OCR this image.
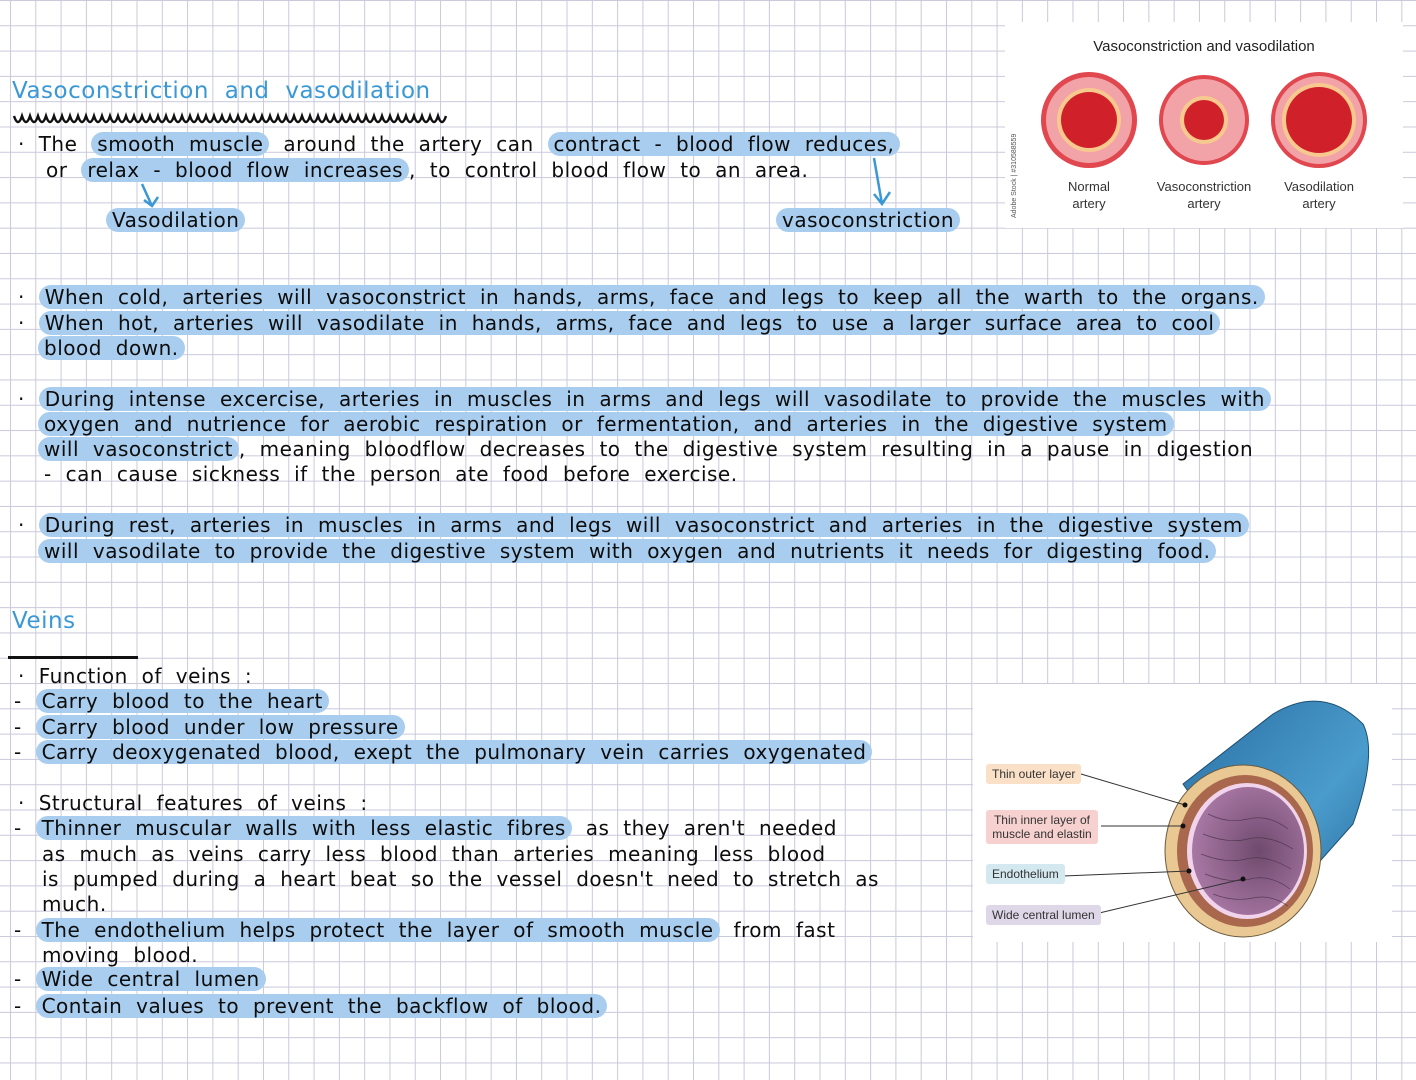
Vasoconstriction and vasodilation
· The smooth muscle around the artery can contract - blood flow reduces,
or relax - blood flow increases , to control blood flow to an area.
Vasodilation	vasoconstriction
Vasoconstriction and vasodilation
Adobe Stock | #310588559	Normal
artery
Vasoconstriction
artery
Vasodilation
artery
· When cold, arteries will vasoconstrict in hands, arms, face and legs to keep all the warth to the organs.
· When hot, arteries will vasodilate in hands, arms, face and legs to use a larger surface area to cool
blood down.
· During intense excercise, arteries in muscles in arms and legs will vasodilate to provide the muscles with
oxygen and nutrience for aerobic respiration or fermentation, and arteries in the digestive system
will vasoconstrict , meaning bloodflow decreases to the digestive system resulting in a pause in digestion
- can cause sickness if the person ate food before exercise.
· During rest, arteries in muscles in arms and legs will vasoconstrict and arteries in the digestive system
will vasodilate to provide the digestive system with oxygen and nutrients it needs for digesting food.
Veins
· Function of veins :
- Carry blood to the heart
- Carry blood under low pressure
- Carry deoxygenated blood, exept the pulmonary vein carries oxygenated
· Structural features of veins :
- Thinner muscular walls with less elastic fibres as they aren't needed
as much as veins carry less blood than arteries meaning less blood
is pumped during a heart beat so the vessel doesn't need to stretch as
much.
- The endothelium helps protect the layer of smooth muscle from fast
moving blood.
- Wide central lumen
- Contain values to prevent the backflow of blood.
Thin outer layer
Thin inner layer of muscle and elastin
Endothelium
Wide central lumen
